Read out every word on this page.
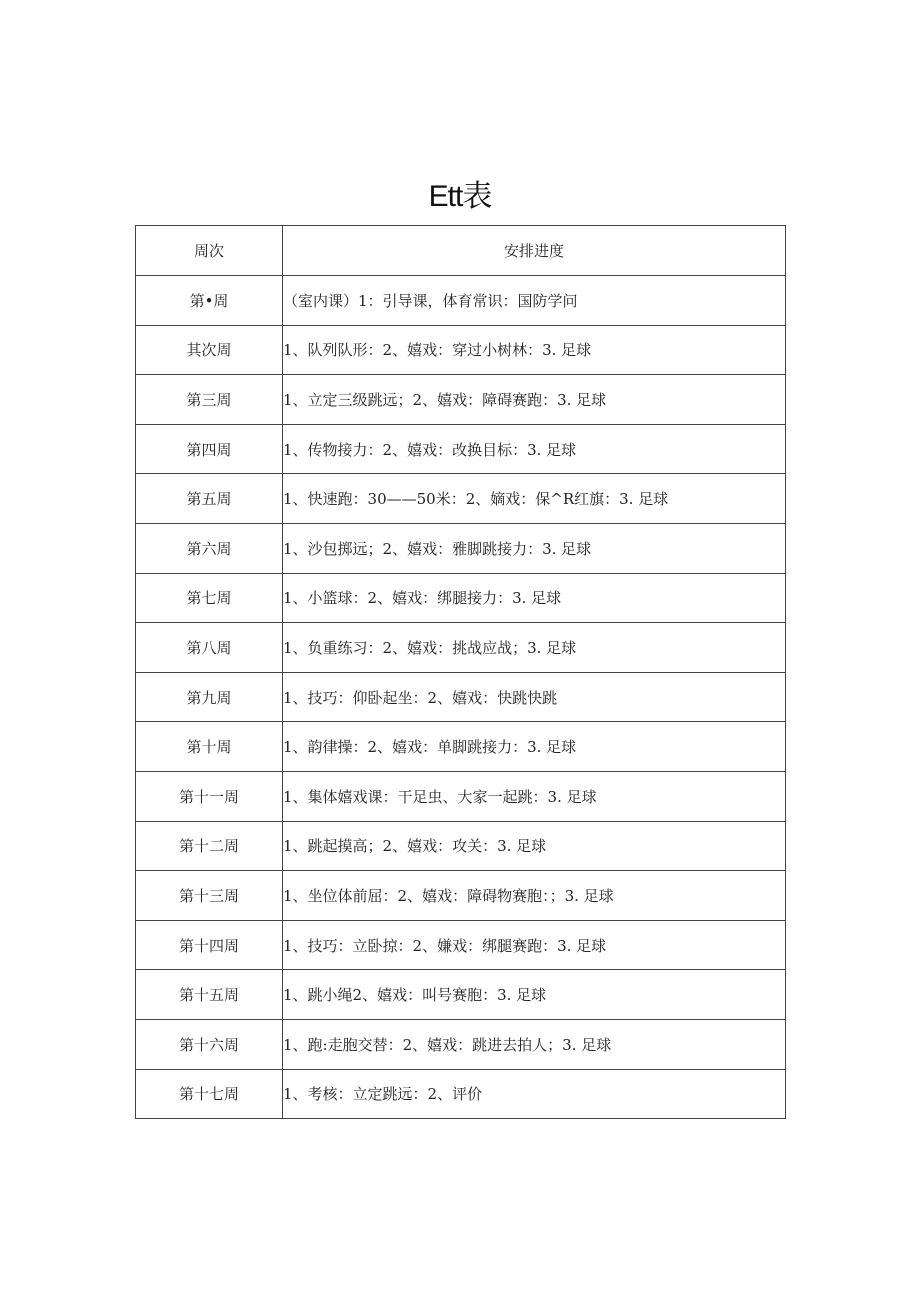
Ett表
周次	安排进度
第•周	（室内课）1：引导课，体育常识：国防学问
其次周	1、队列队形：2、嬉戏：穿过小树林：3. 足球
第三周	1、立定三级跳远；2、嬉戏：障碍赛跑：3. 足球
第四周	1、传物接力：2、嬉戏：改换目标：3. 足球
第五周	1、快速跑：30——50米：2、嫡戏：保^R红旗：3. 足球
第六周	1、沙包掷远；2、嬉戏：雅脚跳接力：3. 足球
第七周	1、小篮球：2、嬉戏：绑腿接力：3. 足球
第八周	1、负重练习：2、嬉戏：挑战应战；3. 足球
第九周	1、技巧：仰卧起坐：2、嬉戏：快跳快跳
第十周	1、韵律操：2、嬉戏：单脚跳接力：3. 足球
第十一周	1、集体嬉戏课：干足虫、大家一起跳：3. 足球
第十二周	1、跳起摸高；2、嬉戏：攻关：3. 足球
第十三周	1、坐位体前屈：2、嬉戏：障碍物赛胞：；3. 足球
第十四周	1、技巧：立卧掠：2、嫌戏：绑腿赛跑：3. 足球
第十五周	1、跳小绳2、嬉戏：叫号赛胞：3. 足球
第十六周	1、跑:走胞交替：2、嬉戏：跳进去拍人；3. 足球
第十七周	1、考核：立定跳远：2、评价
